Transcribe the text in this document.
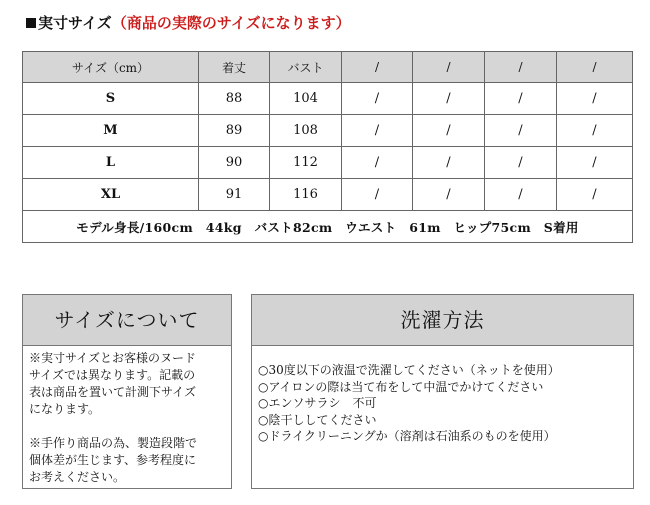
実寸サイズ（商品の実際のサイズになります）
サイズ（cm）	着丈	バスト	/	/	/	/
S	88	104	/	/	/	/
M	89	108	/	/	/	/
L	90	112	/	/	/	/
XL	91	116	/	/	/	/
モデル身長/160cm　44kg　バスト82cm　ウエスト　61m　ヒップ75cm　S着用						
サイズについて
※実寸サイズとお客様のヌード
サイズでは異なります。記載の
表は商品を置いて計測下サイズ
になります。
※手作り商品の為、製造段階で
個体差が生じます、参考程度に
お考えください。
洗濯方法
○30度以下の液温で洗濯してください（ネットを使用）
○アイロンの際は当て布をして中温でかけてください
○エンソサラシ　不可
○陰干ししてください
○ドライクリーニングか（溶剤は石油系のものを使用）
